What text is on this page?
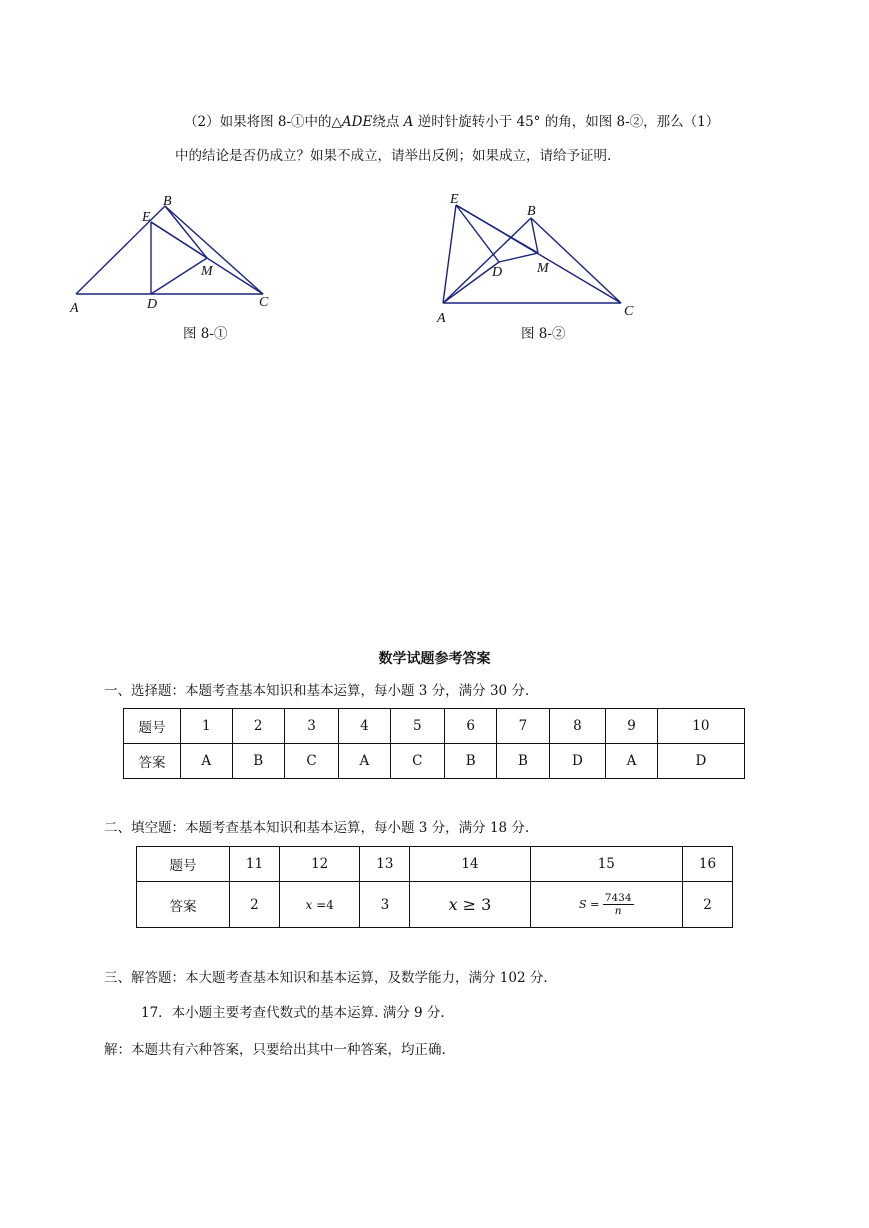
（2）如果将图 8-①中的△ADE绕点 A 逆时针旋转小于 45° 的角，如图 8-②，那么（1）
中的结论是否仍成立？如果不成立，请举出反例；如果成立，请给予证明.
A
B
C
D
E
M
A
B
C
D
E
M
图 8-①	图 8-②
数学试题参考答案
一、选择题：本题考查基本知识和基本运算，每小题 3 分，满分 30 分.
题号	1	2	3	4	5	6	7	8	9	10
答案	A	B	C	A	C	B	B	D	A	D
二、填空题：本题考查基本知识和基本运算，每小题 3 分，满分 18 分.
题号	11	12	13	14	15	16
答案	2	x =4	3	x ≥ 3	$S = \frac{7434}{n}$	2
三、解答题：本大题考查基本知识和基本运算，及数学能力，满分 102 分.
17．本小题主要考查代数式的基本运算. 满分 9 分.
解：本题共有六种答案，只要给出其中一种答案，均正确.
